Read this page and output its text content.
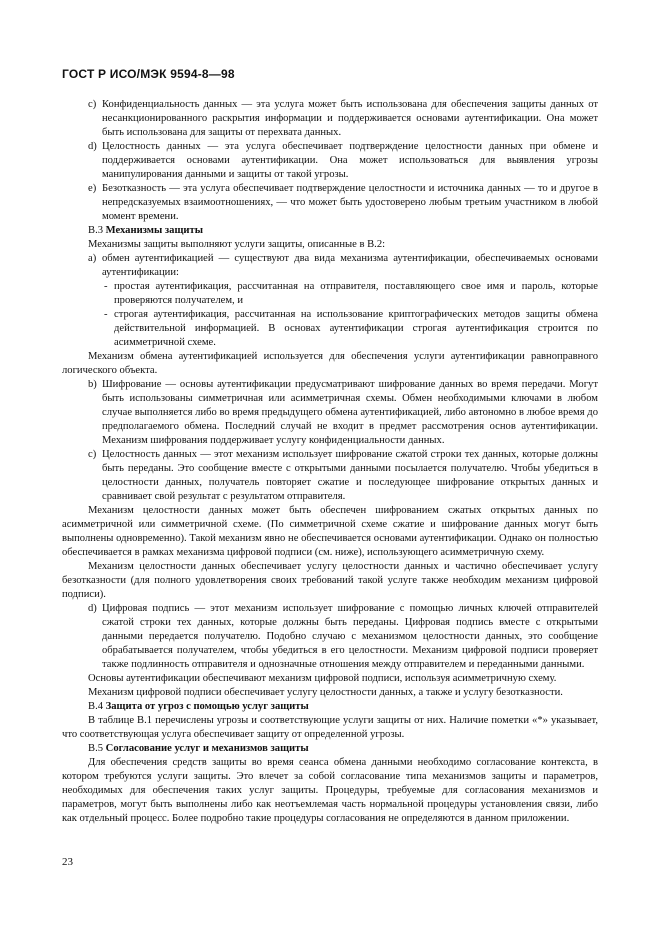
ГОСТ Р ИСО/МЭК 9594-8—98
c) Конфиденциальность данных — эта услуга может быть использована для обеспечения защиты данных от несанкционированного раскрытия информации и поддерживается основами аутентификации. Она может быть использована для защиты от перехвата данных.
d) Целостность данных — эта услуга обеспечивает подтверждение целостности данных при обмене и поддерживается основами аутентификации. Она может использоваться для выявления угрозы манипулирования данными и защиты от такой угрозы.
e) Безотказность — эта услуга обеспечивает подтверждение целостности и источника данных — то и другое в непредсказуемых взаимоотношениях, — что может быть удостоверено любым третьим участником в любой момент времени.

В.3 Механизмы защиты

Механизмы защиты выполняют услуги защиты, описанные в В.2:

a) обмен аутентификацией — существуют два вида механизма аутентификации, обеспечиваемых основами аутентификации:
- простая аутентификация, рассчитанная на отправителя, поставляющего свое имя и пароль, которые проверяются получателем, и
- строгая аутентификация, рассчитанная на использование криптографических методов защиты обмена действительной информацией. В основах аутентификации строгая аутентификация строится по асимметричной схеме.

Механизм обмена аутентификацией используется для обеспечения услуги аутентификации равноправного логического объекта.

b) Шифрование — основы аутентификации предусматривают шифрование данных во время передачи. Могут быть использованы симметричная или асимметричная схемы. Обмен необходимыми ключами в любом случае выполняется либо во время предыдущего обмена аутентификацией, либо автономно в любое время до предполагаемого обмена. Последний случай не входит в предмет рассмотрения основ аутентификации. Механизм шифрования поддерживает услугу конфиденциальности данных.
c) Целостность данных — этот механизм использует шифрование сжатой строки тех данных, которые должны быть переданы. Это сообщение вместе с открытыми данными посылается получателю. Чтобы убедиться в целостности данных, получатель повторяет сжатие и последующее шифрование открытых данных и сравнивает свой результат с результатом отправителя.

Механизм целостности данных может быть обеспечен шифрованием сжатых открытых данных по асимметричной или симметричной схеме. (По симметричной схеме сжатие и шифрование данных могут быть выполнены одновременно). Такой механизм явно не обеспечивается основами аутентификации. Однако он полностью обеспечивается в рамках механизма цифровой подписи (см. ниже), использующего асимметричную схему.

Механизм целостности данных обеспечивает услугу целостности данных и частично обеспечивает услугу безотказности (для полного удовлетворения своих требований такой услуге также необходим механизм цифровой подписи).

d) Цифровая подпись — этот механизм использует шифрование с помощью личных ключей отправителей сжатой строки тех данных, которые должны быть переданы. Цифровая подпись вместе с открытыми данными передается получателю. Подобно случаю с механизмом целостности данных, это сообщение обрабатывается получателем, чтобы убедиться в его целостности. Механизм цифровой подписи проверяет также подлинность отправителя и однозначные отношения между отправителем и переданными данными.

Основы аутентификации обеспечивают механизм цифровой подписи, используя асимметричную схему.

Механизм цифровой подписи обеспечивает услугу целостности данных, а также и услугу безотказности.

В.4 Защита от угроз с помощью услуг защиты

В таблице В.1 перечислены угрозы и соответствующие услуги защиты от них. Наличие пометки «*» указывает, что соответствующая услуга обеспечивает защиту от определенной угрозы.

В.5 Согласование услуг и механизмов защиты

Для обеспечения средств защиты во время сеанса обмена данными необходимо согласование контекста, в котором требуются услуги защиты. Это влечет за собой согласование типа механизмов защиты и параметров, необходимых для обеспечения таких услуг защиты. Процедуры, требуемые для согласования механизмов и параметров, могут быть выполнены либо как неотъемлемая часть нормальной процедуры установления связи, либо как отдельный процесс. Более подробно такие процедуры согласования не определяются в данном приложении.

23
